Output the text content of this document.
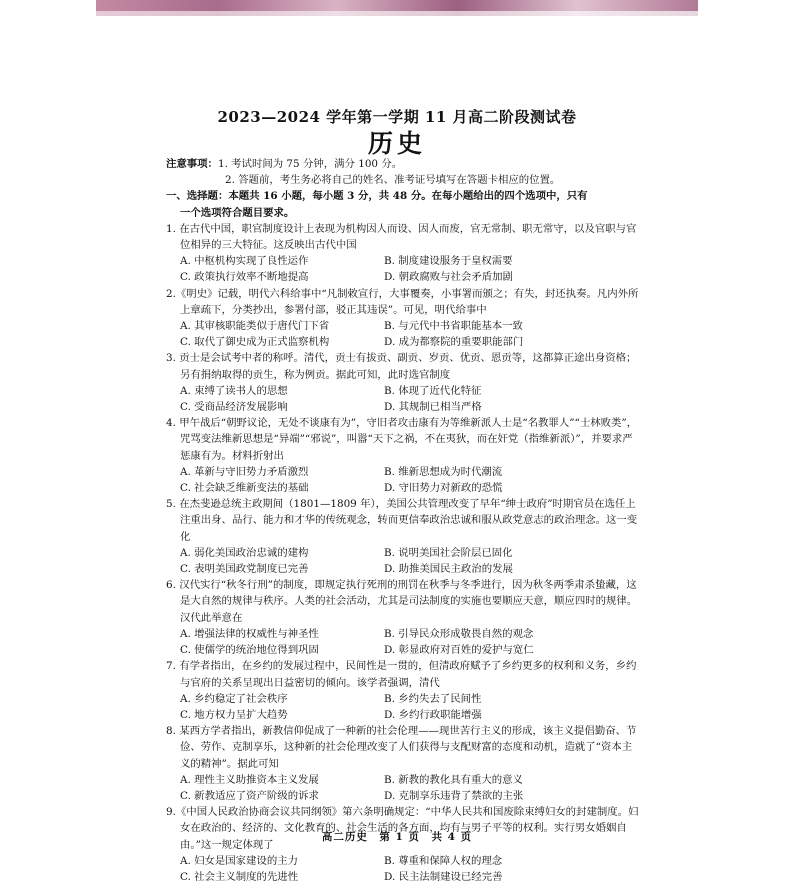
2023—2024 学年第一学期 11 月高二阶段测试卷
历史

注意事项：1. 考试时间为 75 分钟，满分 100 分。

2. 答题前，考生务必将自己的姓名、准考证号填写在答题卡相应的位置。

一、选择题：本题共 16 小题，每小题 3 分，共 48 分。在每小题给出的四个选项中，只有

一个选项符合题目要求。

1. 在古代中国，职官制度设计上表现为机构因人而设、因人而废，官无常制、职无常守，以及官职与官位相异的三大特征。这反映出古代中国
A. 中枢机构实现了良性运作	B. 制度建设服务于皇权需要
C. 政策执行效率不断地提高	D. 朝政腐败与社会矛盾加剧
2.《明史》记载，明代六科给事中“凡制敕宣行，大事覆奏，小事署而颁之；有失，封还执奏。凡内外所上章疏下，分类抄出，参署付部，驳正其违误”。可见，明代给事中
A. 其审核职能类似于唐代门下省	B. 与元代中书省职能基本一致
C. 取代了御史成为正式监察机构	D. 成为都察院的重要职能部门
3. 贡士是会试考中者的称呼。清代，贡士有拔贡、副贡、岁贡、优贡、恩贡等，这都算正途出身资格；另有捐纳取得的贡生，称为例贡。据此可知，此时选官制度
A. 束缚了读书人的思想	B. 体现了近代化特征
C. 受商品经济发展影响	D. 其规制已相当严格
4. 甲午战后“朝野议论，无处不谈康有为”，守旧者攻击康有为等维新派人士是“名教罪人”“士林败类”，咒骂变法维新思想是“异端”“邪说”，叫嚣“天下之祸，不在夷狄，而在奸党（指维新派）”，并要求严惩康有为。材料折射出
A. 革新与守旧势力矛盾激烈	B. 维新思想成为时代潮流
C. 社会缺乏维新变法的基础	D. 守旧势力对新政的恐慌
5. 在杰斐逊总统主政期间（1801—1809 年），美国公共管理改变了早年“绅士政府”时期官员在选任上注重出身、品行、能力和才华的传统观念，转而更信奉政治忠诚和服从政党意志的政治理念。这一变化
A. 弱化美国政治忠诚的建构	B. 说明美国社会阶层已固化
C. 表明美国政党制度已完善	D. 助推美国民主政治的发展
6. 汉代实行“秋冬行刑”的制度，即规定执行死刑的刑罚在秋季与冬季进行，因为秋冬两季肃杀蛰藏，这是大自然的规律与秩序。人类的社会活动，尤其是司法制度的实施也要顺应天意，顺应四时的规律。汉代此举意在
A. 增强法律的权威性与神圣性	B. 引导民众形成敬畏自然的观念
C. 使儒学的统治地位得到巩固	D. 彰显政府对百姓的爱护与宽仁
7. 有学者指出，在乡约的发展过程中，民间性是一贯的，但清政府赋予了乡约更多的权利和义务，乡约与官府的关系呈现出日益密切的倾向。该学者强调，清代
A. 乡约稳定了社会秩序	B. 乡约失去了民间性
C. 地方权力呈扩大趋势	D. 乡约行政职能增强
8. 某西方学者指出，新教信仰促成了一种新的社会伦理——现世苦行主义的形成，该主义提倡勤奋、节俭、劳作、克制享乐，这种新的社会伦理改变了人们获得与支配财富的态度和动机，造就了“资本主义的精神”。据此可知
A. 理性主义助推资本主义发展	B. 新教的教化具有重大的意义
C. 新教适应了资产阶级的诉求	D. 克制享乐违背了禁欲的主张
9.《中国人民政治协商会议共同纲领》第六条明确规定：“中华人民共和国废除束缚妇女的封建制度。妇女在政治的、经济的、文化教育的、社会生活的各方面，均有与男子平等的权利。实行男女婚姻自由。”这一规定体现了
A. 妇女是国家建设的主力	B. 尊重和保障人权的理念
C. 社会主义制度的先进性	D. 民主法制建设已经完善
高二历史　第 1 页　共 4 页
